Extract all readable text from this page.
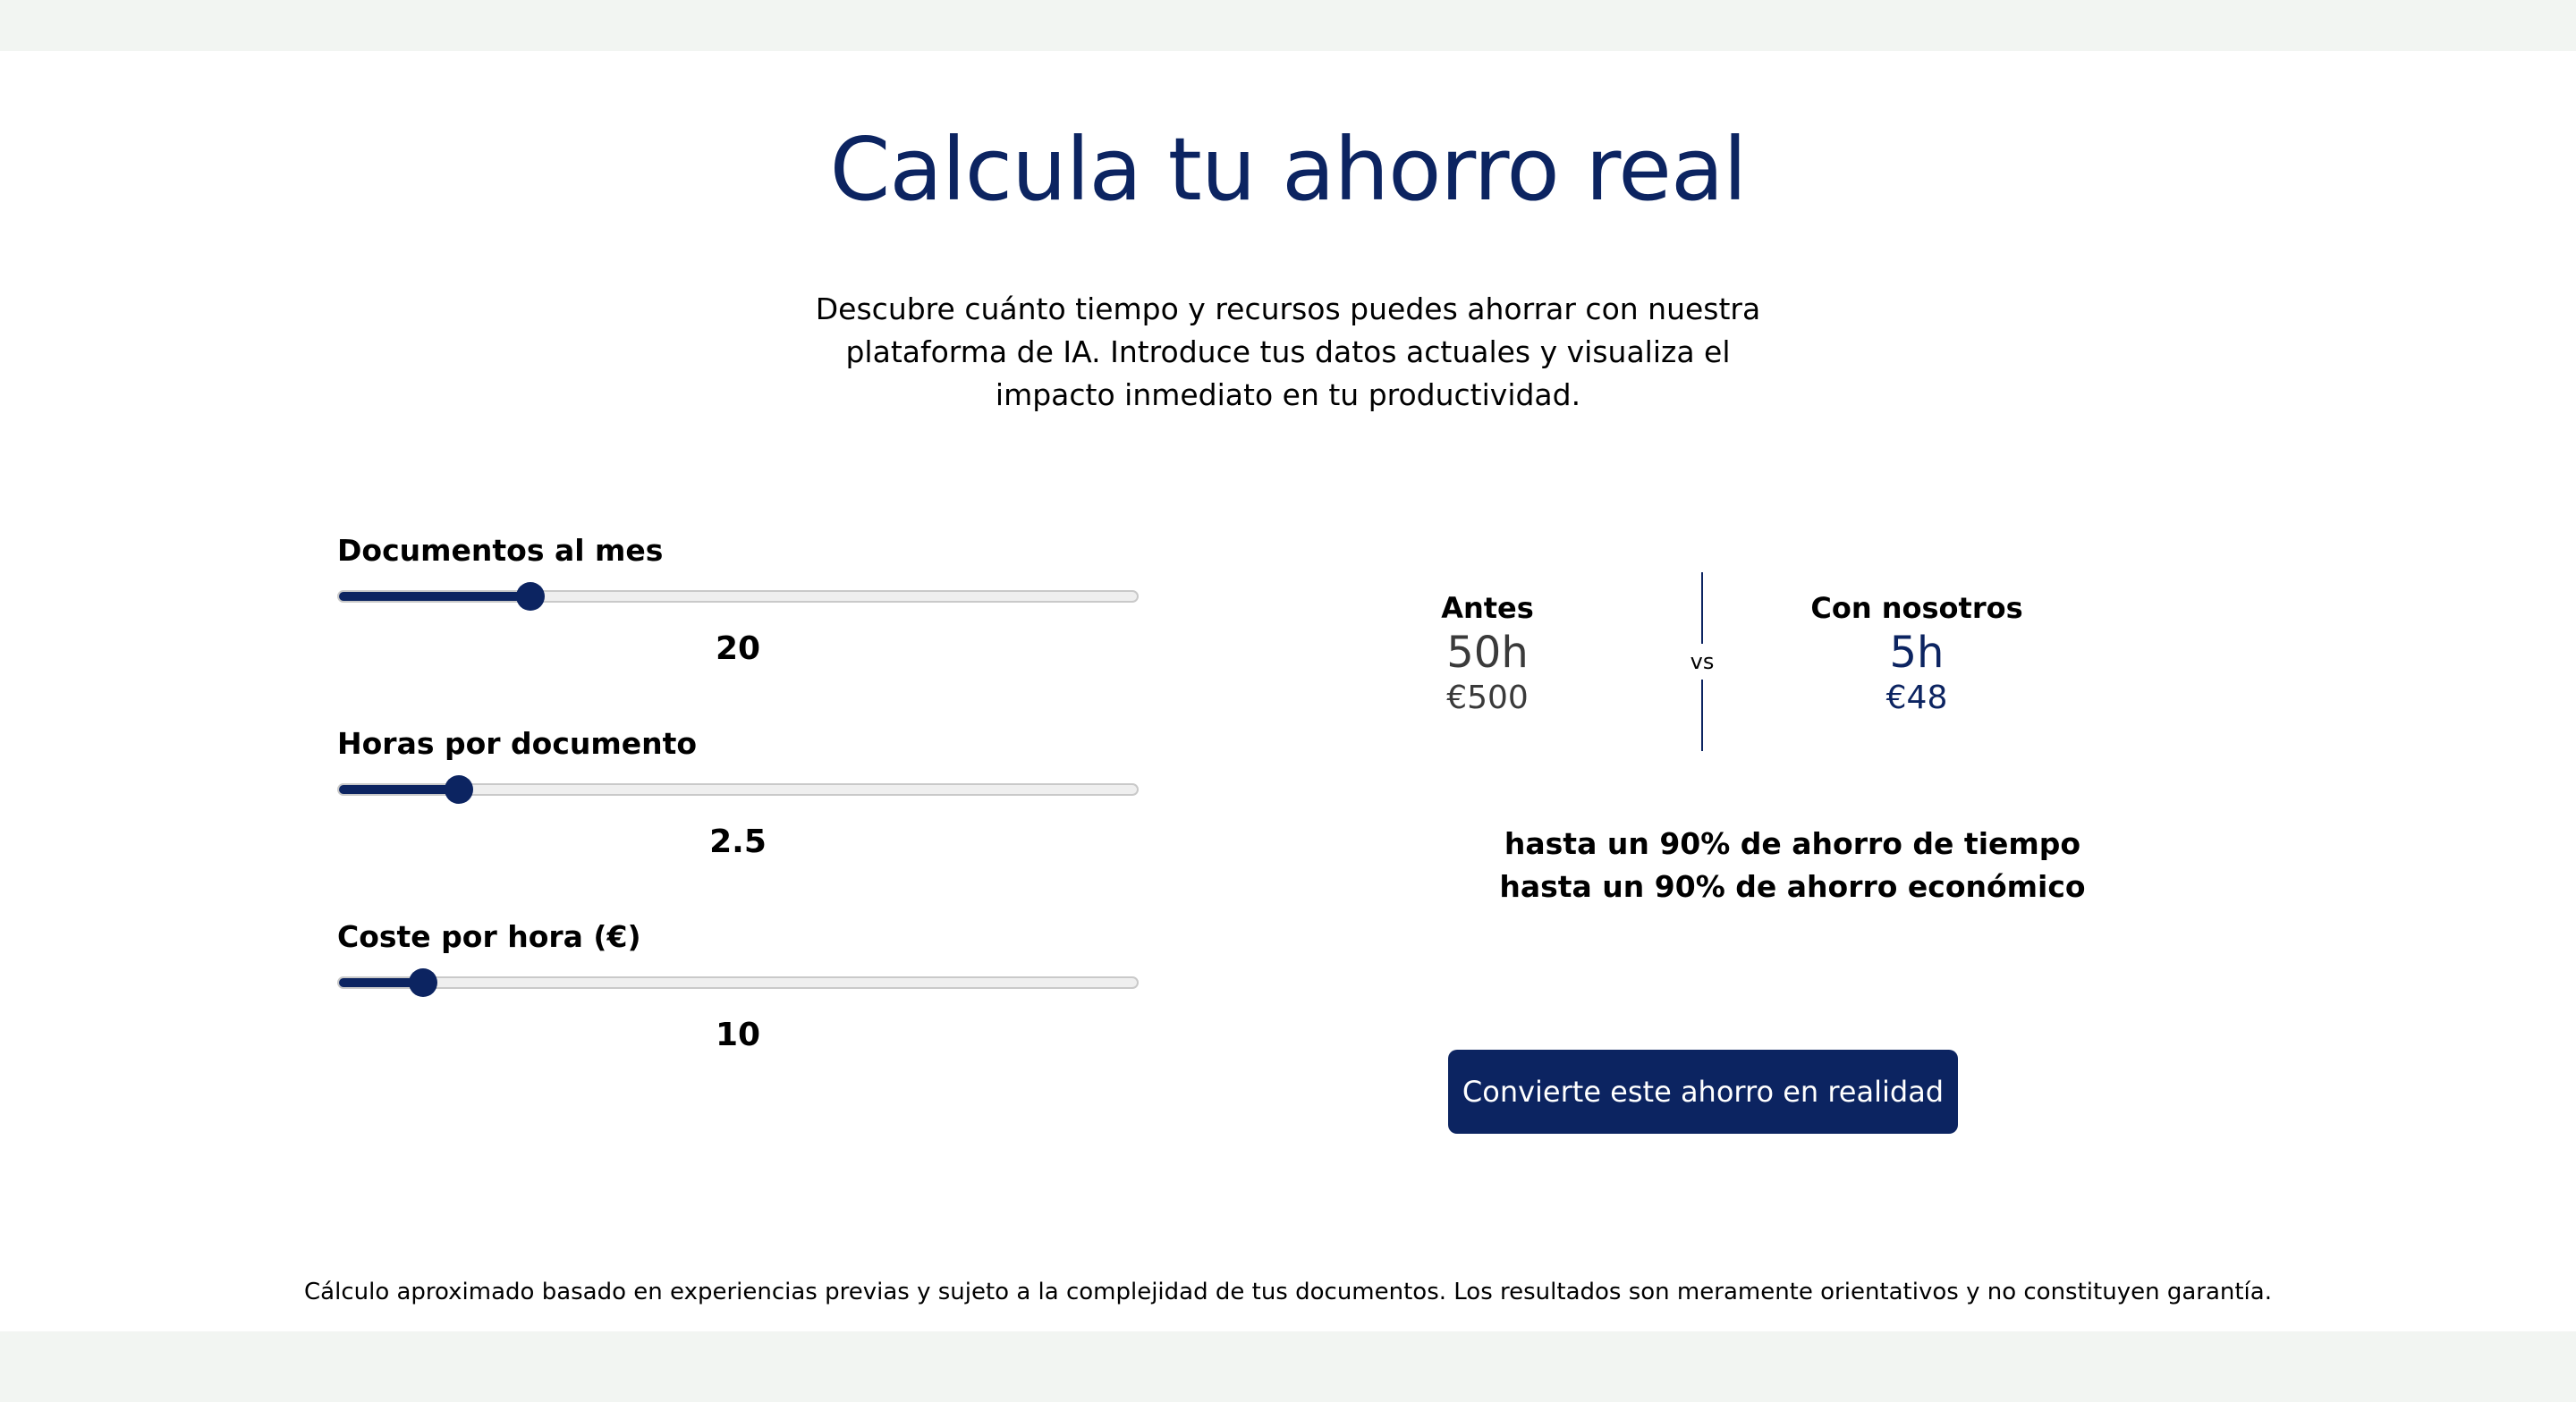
Calcula tu ahorro real

Descubre cuánto tiempo y recursos puedes ahorrar con nuestra plataforma de IA. Introduce tus datos actuales y visualiza el impacto inmediato en tu productividad.

Documentos al mes
20
Horas por documento
2.5
Coste por hora (€)
10
Antes
50h
€500
vs
Con nosotros
5h
€48
hasta un 90% de ahorro de tiempo
hasta un 90% de ahorro económico
Convierte este ahorro en realidad
Cálculo aproximado basado en experiencias previas y sujeto a la complejidad de tus documentos. Los resultados son meramente orientativos y no constituyen garantía.
